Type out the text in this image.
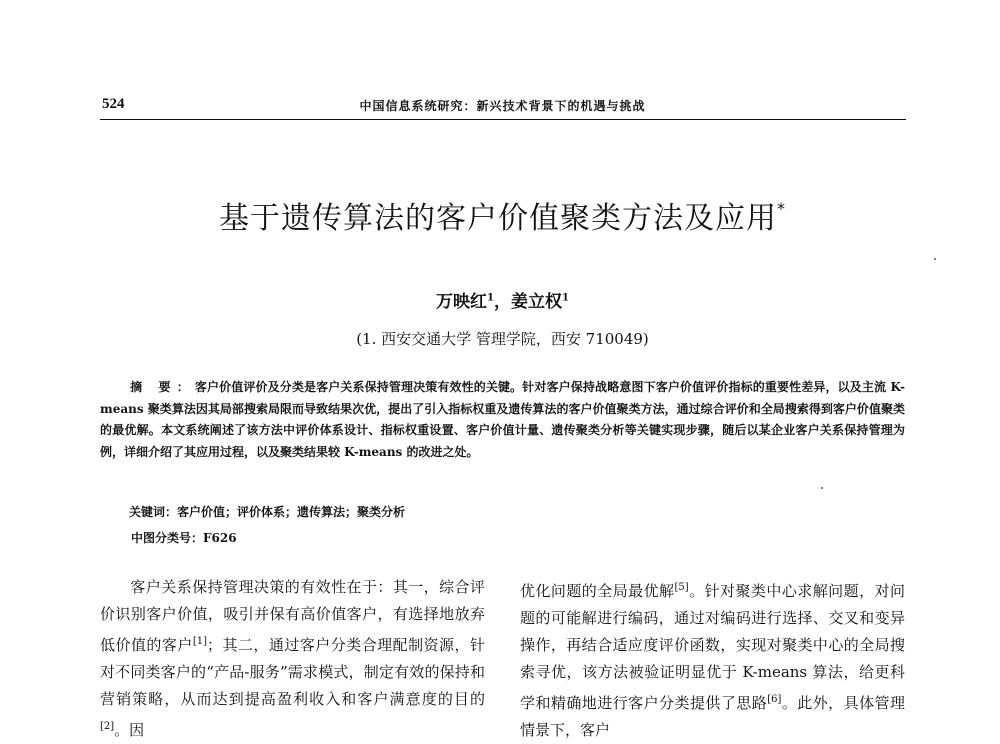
524	中国信息系统研究：新兴技术背景下的机遇与挑战
基于遗传算法的客户价值聚类方法及应用*
万映红$^1$，姜立权$^1$
(1. 西安交通大学 管理学院，西安 710049)
摘 要：客户价值评价及分类是客户关系保持管理决策有效性的关键。针对客户保持战略意图下客户价值评价指标的重要性差异，以及主流 K-means 聚类算法因其局部搜索局限而导致结果次优，提出了引入指标权重及遗传算法的客户价值聚类方法，通过综合评价和全局搜索得到客户价值聚类的最优解。本文系统阐述了该方法中评价体系设计、指标权重设置、客户价值计量、遗传聚类分析等关键实现步骤，随后以某企业客户关系保持管理为例，详细介绍了其应用过程，以及聚类结果较 K-means 的改进之处。
关键词：客户价值；评价体系；遗传算法；聚类分析
中图分类号：F626
客户关系保持管理决策的有效性在于：其一，综合评价识别客户价值，吸引并保有高价值客户，有选择地放弃低价值的客户[1]；其二，通过客户分类合理配制资源，针对不同类客户的“产品-服务”需求模式，制定有效的保持和营销策略，从而达到提高盈利收入和客户满意度的目的[2]。因
优化问题的全局最优解[5]。针对聚类中心求解问题，对问题的可能解进行编码，通过对编码进行选择、交叉和变异操作，再结合适应度评价函数，实现对聚类中心的全局搜索寻优，该方法被验证明显优于 K-means 算法，给更科学和精确地进行客户分类提供了思路[6]。此外，具体管理情景下，客户
